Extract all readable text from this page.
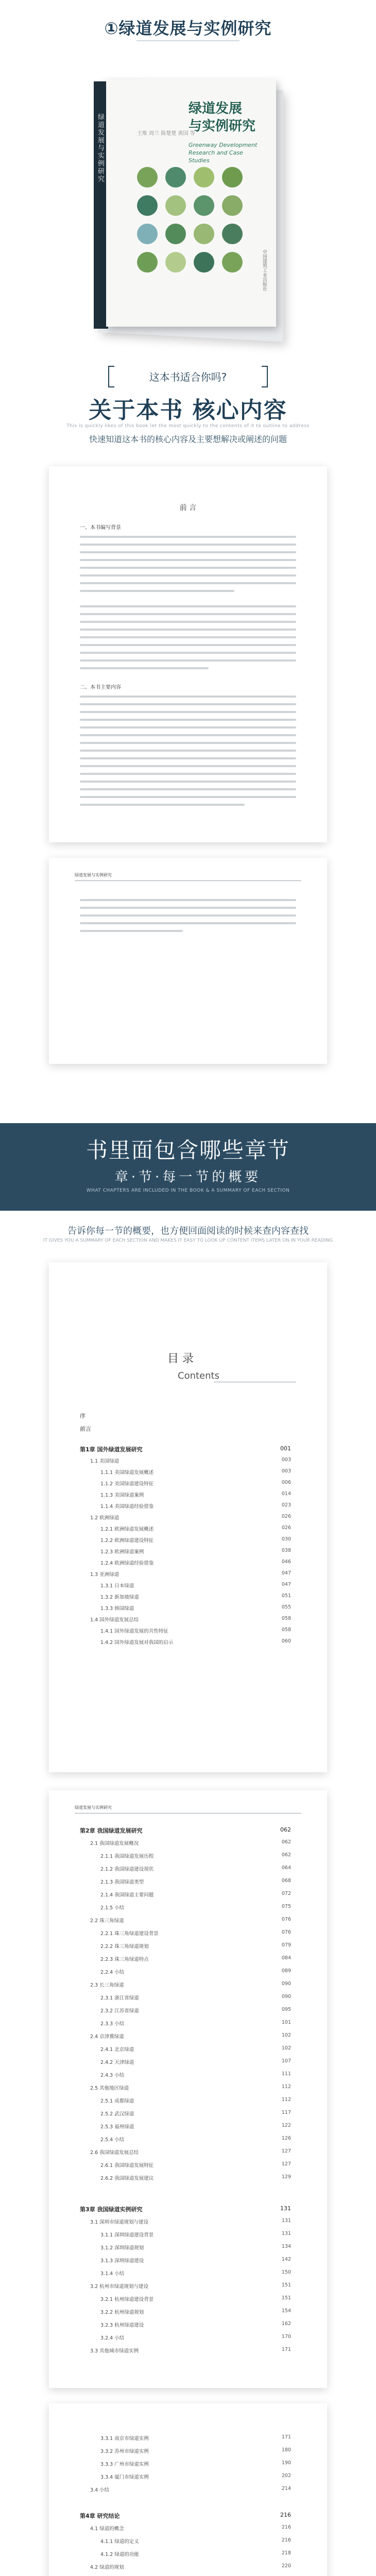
①绿道发展与实例研究
绿道发展与实例研究	王维 周兰 陈楚楚 黄国 等
绿道发展
与实例研究
Greenway Development Research and Case Studies
中国建筑工业出版社
这本书适合你吗?
关于本书 核心内容
This is quickly likes of this book let the most quickly to the contents of it to outline to address
快速知道这本书的核心内容及主要想解决或阐述的问题
前 言
一、本书编写背景
二、本书主要内容
绿道发展与实例研究
书里面包含哪些章节
章·节·每一节的概要
WHAT CHAPTERS ARE INCLUDED IN THE BOOK & A SUMMARY OF EACH SECTION
告诉你每一节的概要，也方便回面阅读的时候来查内容查找
IT GIVES YOU A SUMMARY OF EACH SECTION AND MAKES IT EASY TO LOOK UP CONTENT ITEMS LATER ON IN YOUR READING
目 录
Contents
序
前言
第1章 国外绿道发展研究	001
1.1 美国绿道	003
1.1.1 美国绿道发展概述	003
1.1.2 美国绿道建设特征	006
1.1.3 美国绿道案例	014
1.1.4 美国绿道经验借鉴	023
1.2 欧洲绿道	026
1.2.1 欧洲绿道发展概述	026
1.2.2 欧洲绿道建设特征	030
1.2.3 欧洲绿道案例	038
1.2.4 欧洲绿道经验借鉴	046
1.3 亚洲绿道	047
1.3.1 日本绿道	047
1.3.2 新加坡绿道	051
1.3.3 韩国绿道	055
1.4 国外绿道发展总结	058
1.4.1 国外绿道发展的共性特征	058
1.4.2 国外绿道发展对我国的启示	060
绿道发展与实例研究
第2章 我国绿道发展研究	062
2.1 我国绿道发展概况	062
2.1.1 我国绿道发展历程	062
2.1.2 我国绿道建设现状	064
2.1.3 我国绿道类型	068
2.1.4 我国绿道主要问题	072
2.1.5 小结	075
2.2 珠三角绿道	076
2.2.1 珠三角绿道建设背景	076
2.2.2 珠三角绿道规划	079
2.2.3 珠三角绿道特点	084
2.2.4 小结	089
2.3 长三角绿道	090
2.3.1 浙江省绿道	090
2.3.2 江苏省绿道	095
2.3.3 小结	101
2.4 京津冀绿道	102
2.4.1 北京绿道	102
2.4.2 天津绿道	107
2.4.3 小结	111
2.5 其他地区绿道	112
2.5.1 成都绿道	112
2.5.2 武汉绿道	117
2.5.3 福州绿道	122
2.5.4 小结	126
2.6 我国绿道发展总结	127
2.6.1 我国绿道发展特征	127
2.6.2 我国绿道发展建议	129
第3章 我国绿道实例研究	131
3.1 深圳市绿道规划与建设	131
3.1.1 深圳绿道建设背景	131
3.1.2 深圳绿道规划	134
3.1.3 深圳绿道建设	142
3.1.4 小结	150
3.2 杭州市绿道规划与建设	151
3.2.1 杭州绿道建设背景	151
3.2.2 杭州绿道规划	154
3.2.3 杭州绿道建设	162
3.2.4 小结	170
3.3 其他城市绿道实例	171
3.3.1 南京市绿道实例	171
3.3.2 苏州市绿道实例	180
3.3.3 广州市绿道实例	190
3.3.4 厦门市绿道实例	202
3.4 小结	214
第4章 研究结论	216
4.1 绿道的概念	216
4.1.1 绿道的定义	216
4.1.2 绿道的功能	218
4.2 绿道的规划	220
